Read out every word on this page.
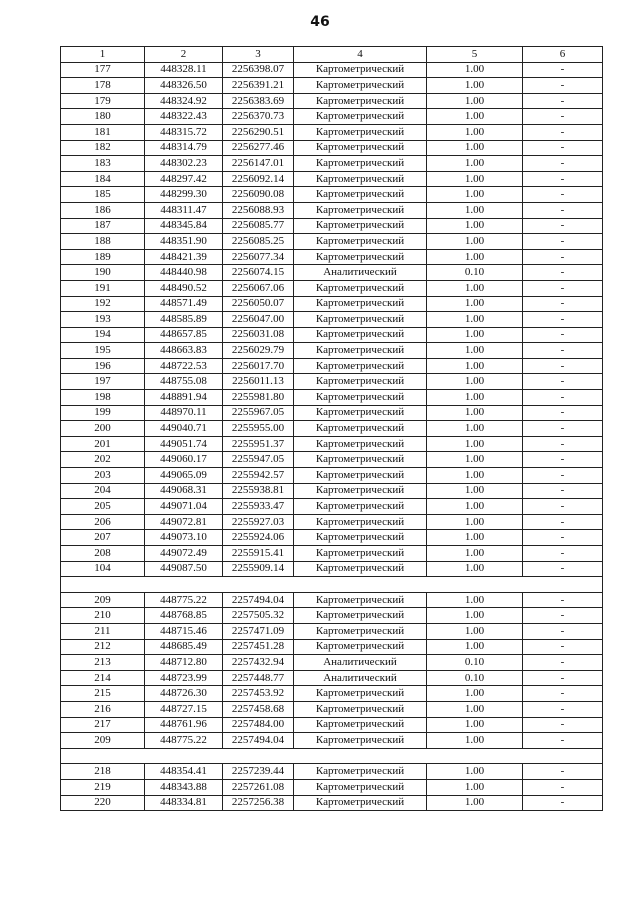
46
1	2	3	4	5	6
177	448328.11	2256398.07	Картометрический	1.00	-
178	448326.50	2256391.21	Картометрический	1.00	-
179	448324.92	2256383.69	Картометрический	1.00	-
180	448322.43	2256370.73	Картометрический	1.00	-
181	448315.72	2256290.51	Картометрический	1.00	-
182	448314.79	2256277.46	Картометрический	1.00	-
183	448302.23	2256147.01	Картометрический	1.00	-
184	448297.42	2256092.14	Картометрический	1.00	-
185	448299.30	2256090.08	Картометрический	1.00	-
186	448311.47	2256088.93	Картометрический	1.00	-
187	448345.84	2256085.77	Картометрический	1.00	-
188	448351.90	2256085.25	Картометрический	1.00	-
189	448421.39	2256077.34	Картометрический	1.00	-
190	448440.98	2256074.15	Аналитический	0.10	-
191	448490.52	2256067.06	Картометрический	1.00	-
192	448571.49	2256050.07	Картометрический	1.00	-
193	448585.89	2256047.00	Картометрический	1.00	-
194	448657.85	2256031.08	Картометрический	1.00	-
195	448663.83	2256029.79	Картометрический	1.00	-
196	448722.53	2256017.70	Картометрический	1.00	-
197	448755.08	2256011.13	Картометрический	1.00	-
198	448891.94	2255981.80	Картометрический	1.00	-
199	448970.11	2255967.05	Картометрический	1.00	-
200	449040.71	2255955.00	Картометрический	1.00	-
201	449051.74	2255951.37	Картометрический	1.00	-
202	449060.17	2255947.05	Картометрический	1.00	-
203	449065.09	2255942.57	Картометрический	1.00	-
204	449068.31	2255938.81	Картометрический	1.00	-
205	449071.04	2255933.47	Картометрический	1.00	-
206	449072.81	2255927.03	Картометрический	1.00	-
207	449073.10	2255924.06	Картометрический	1.00	-
208	449072.49	2255915.41	Картометрический	1.00	-
104	449087.50	2255909.14	Картометрический	1.00	-

209	448775.22	2257494.04	Картометрический	1.00	-
210	448768.85	2257505.32	Картометрический	1.00	-
211	448715.46	2257471.09	Картометрический	1.00	-
212	448685.49	2257451.28	Картометрический	1.00	-
213	448712.80	2257432.94	Аналитический	0.10	-
214	448723.99	2257448.77	Аналитический	0.10	-
215	448726.30	2257453.92	Картометрический	1.00	-
216	448727.15	2257458.68	Картометрический	1.00	-
217	448761.96	2257484.00	Картометрический	1.00	-
209	448775.22	2257494.04	Картометрический	1.00	-

218	448354.41	2257239.44	Картометрический	1.00	-
219	448343.88	2257261.08	Картометрический	1.00	-
220	448334.81	2257256.38	Картометрический	1.00	-
